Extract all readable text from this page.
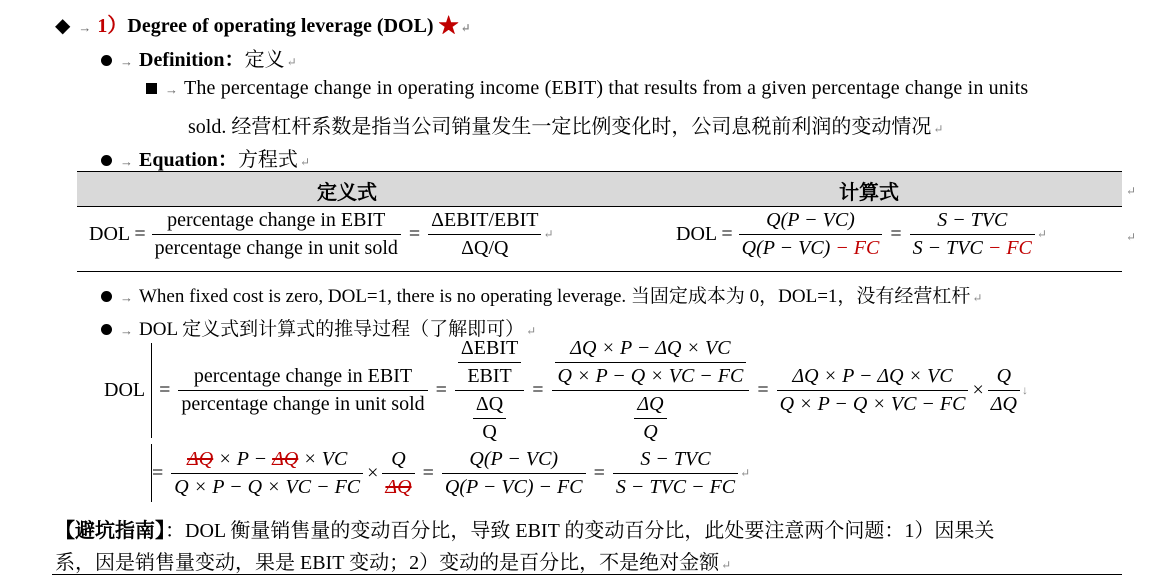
◆ → 1）Degree of operating leverage (DOL) ★ ↵
→ Definition：定义 ↵
→ The percentage change in operating income (EBIT) that results from a given percentage change in units
sold. 经营杠杆系数是指当公司销量发生一定比例变化时，公司息税前利润的变动情况 ↵
→ Equation：方程式 ↵
定义式	计算式	↵
DOL = $\frac{\text{percentage change in EBIT}}{\text{percentage change in unit sold}} = \frac{\text{ΔEBIT/EBIT}}{\Delta Q/Q}$ ↵	DOL = $\frac{Q(P - VC)}{Q(P - VC) - FC} = \frac{\text{S − TVC}}{\text{S − TVC − FC}}$ ↵	↵
→ When fixed cost is zero, DOL=1, there is no operating leverage. 当固定成本为 0，DOL=1，没有经营杠杆 ↵
→ DOL 定义式到计算式的推导过程（了解即可） ↵
DOL = $\frac{\text{percentage change in EBIT}}{\text{percentage change in unit sold}} = \frac{\frac{\text{ΔEBIT}}{\text{EBIT}}}{\frac{\Delta Q}{Q}} = \frac{\frac{\Delta Q \times P - \Delta Q \times VC}{Q \times P - Q \times VC - FC}}{\frac{\Delta Q}{Q}} = \frac{\Delta Q \times P - \Delta Q \times VC}{Q \times P - Q \times VC - FC} \times \frac{Q}{\Delta Q}$ ↓
= $\frac{\Delta Q \times P - \Delta Q \times VC}{Q \times P - Q \times VC - FC} \times \frac{Q}{\Delta Q} = \frac{Q(P - VC)}{Q(P - VC) - FC} = \frac{\text{S − TVC}}{\text{S − TVC − FC}}$ ↵
【避坑指南】：DOL 衡量销售量的变动百分比，导致 EBIT 的变动百分比，此处要注意两个问题：1）因果关
系，因是销售量变动，果是 EBIT 变动；2）变动的是百分比，不是绝对金额 ↵
